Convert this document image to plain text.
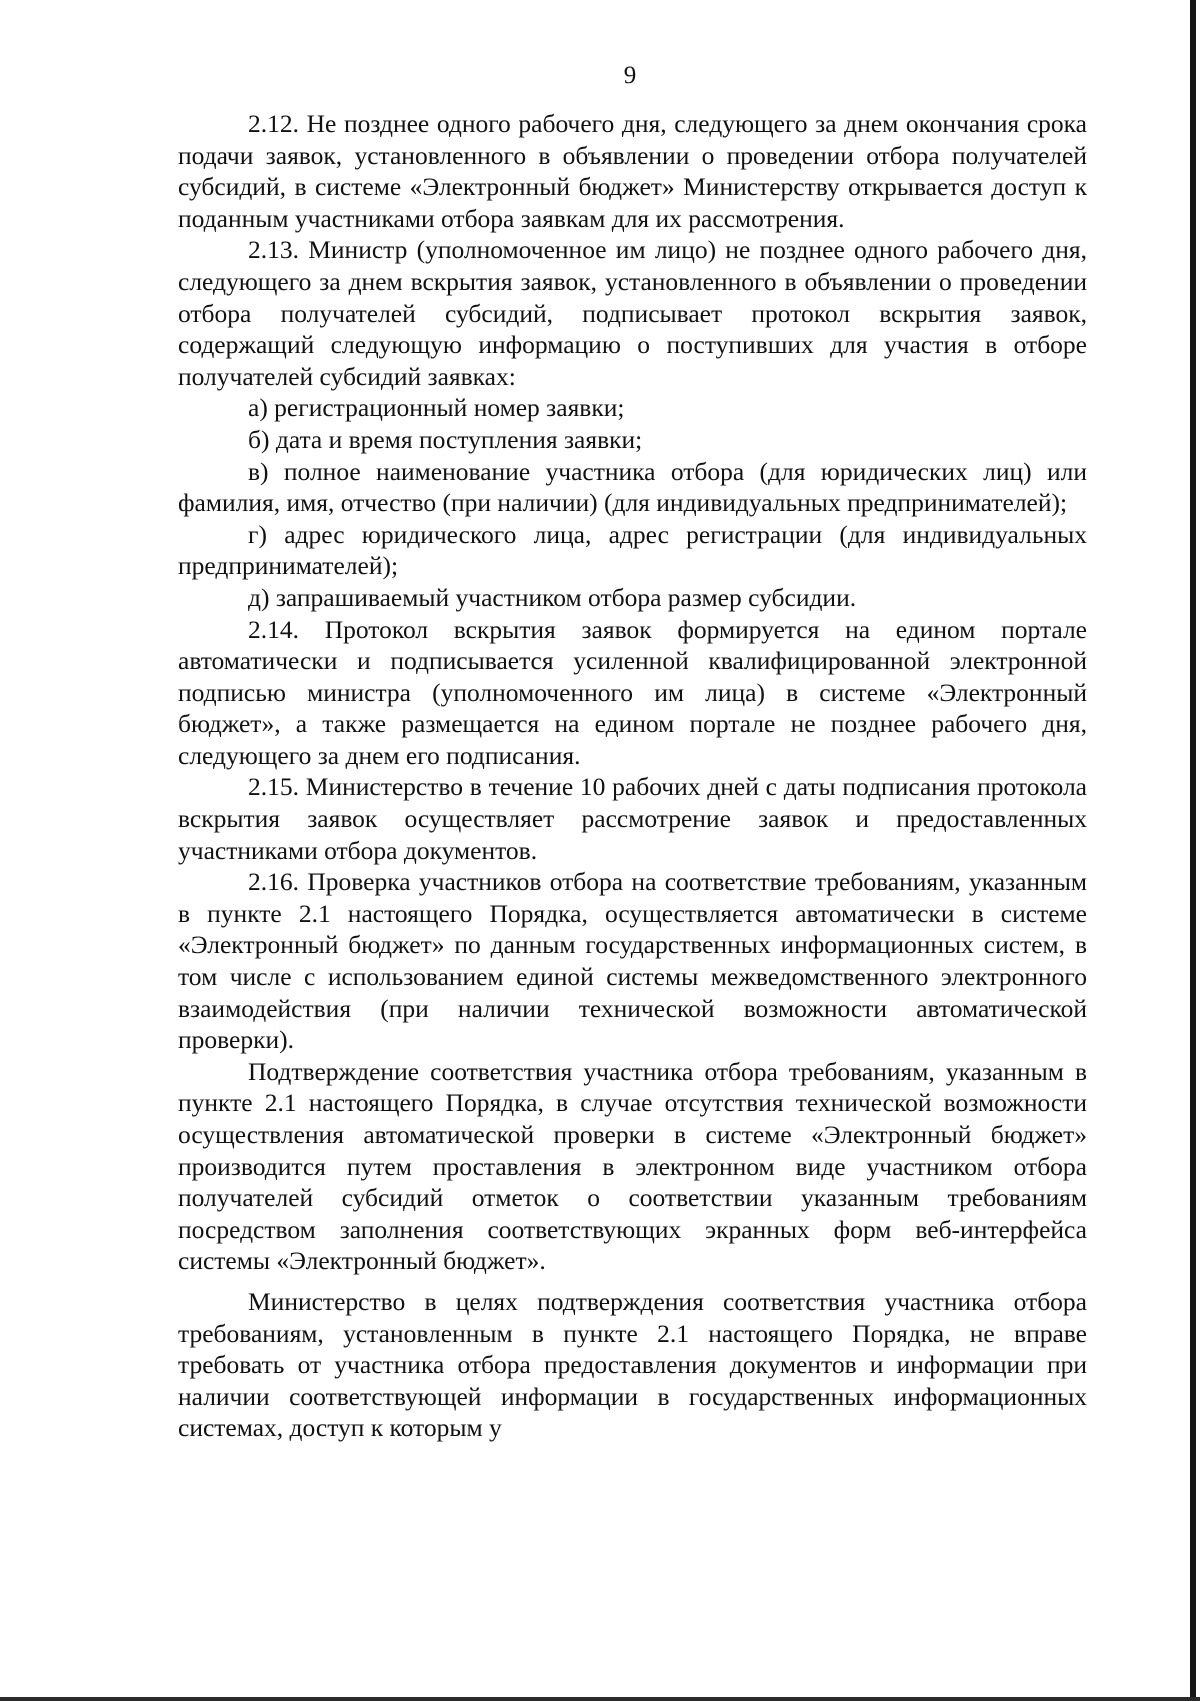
9

2.12. Не позднее одного рабочего дня, следующего за днем окончания срока подачи заявок, установленного в объявлении о проведении отбора получателей субсидий, в системе «Электронный бюджет» Министерству открывается доступ к поданным участниками отбора заявкам для их рассмотрения.

2.13. Министр (уполномоченное им лицо) не позднее одного рабочего дня, следующего за днем вскрытия заявок, установленного в объявлении о проведении отбора получателей субсидий, подписывает протокол вскрытия заявок, содержащий следующую информацию о поступивших для участия в отборе получателей субсидий заявках:

а) регистрационный номер заявки;

б) дата и время поступления заявки;

в) полное наименование участника отбора (для юридических лиц) или фамилия, имя, отчество (при наличии) (для индивидуальных предпринимателей);

г) адрес юридического лица, адрес регистрации (для индивидуальных предпринимателей);

д) запрашиваемый участником отбора размер субсидии.

2.14. Протокол вскрытия заявок формируется на едином портале автоматически и подписывается усиленной квалифицированной электронной подписью министра (уполномоченного им лица) в системе «Электронный бюджет», а также размещается на едином портале не позднее рабочего дня, следующего за днем его подписания.

2.15. Министерство в течение 10 рабочих дней с даты подписания протокола вскрытия заявок осуществляет рассмотрение заявок и предоставленных участниками отбора документов.

2.16. Проверка участников отбора на соответствие требованиям, указанным в пункте 2.1 настоящего Порядка, осуществляется автоматически в системе «Электронный бюджет» по данным государственных информационных систем, в том числе с использованием единой системы межведомственного электронного взаимодействия (при наличии технической возможности автоматической проверки).

Подтверждение соответствия участника отбора требованиям, указанным в пункте 2.1 настоящего Порядка, в случае отсутствия технической возможности осуществления автоматической проверки в системе «Электронный бюджет» производится путем проставления в электронном виде участником отбора получателей субсидий отметок о соответствии указанным требованиям посредством заполнения соответствующих экранных форм веб-интерфейса системы «Электронный бюджет».

Министерство в целях подтверждения соответствия участника отбора требованиям, установленным в пункте 2.1 настоящего Порядка, не вправе требовать от участника отбора предоставления документов и информации при наличии соответствующей информации в государственных информационных системах, доступ к которым у
